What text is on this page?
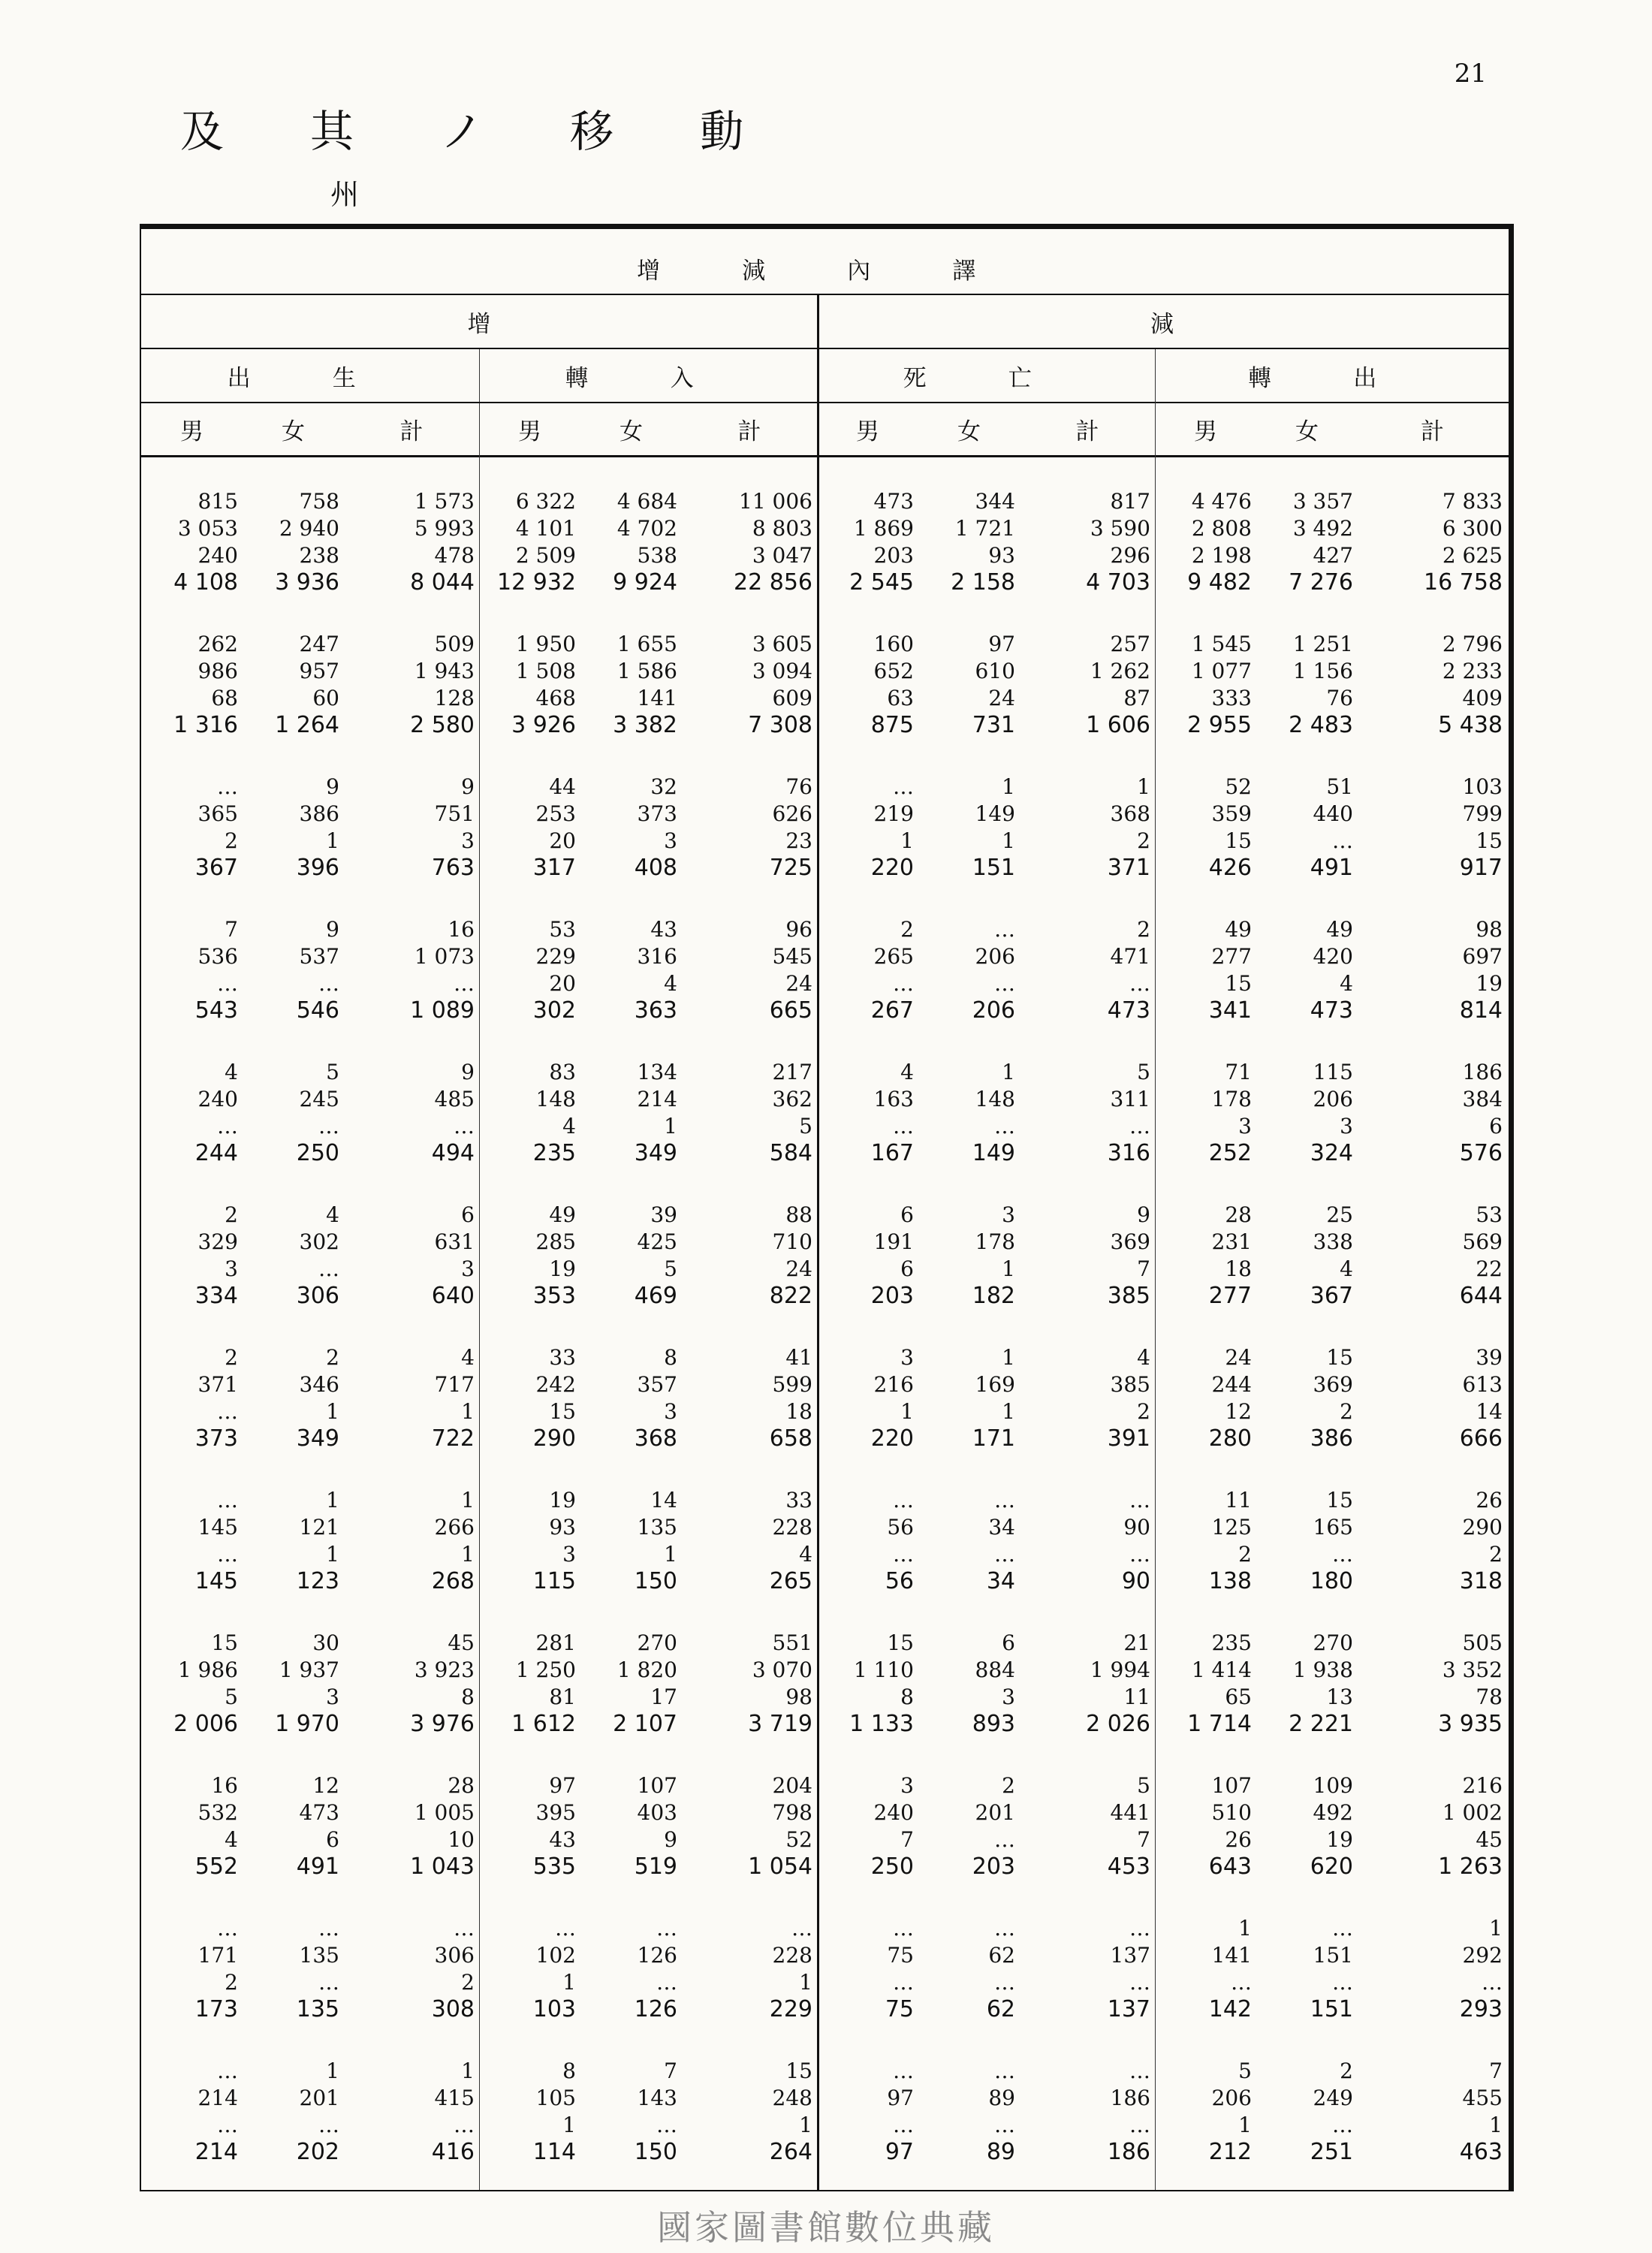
21
及 其 ノ 移 動
州
增 減 內 譯
增	減
出 生	轉 入	死 亡	轉 出
男	女	計	男	女	計	男	女	計	男	女	計
815	758	1 573	6 322	4 684	11 006	473	344	817	4 476	3 357	7 833
3 053	2 940	5 993	4 101	4 702	8 803	1 869	1 721	3 590	2 808	3 492	6 300
240	238	478	2 509	538	3 047	203	93	296	2 198	427	2 625
4 108	3 936	8 044	12 932	9 924	22 856	2 545	2 158	4 703	9 482	7 276	16 758
262	247	509	1 950	1 655	3 605	160	97	257	1 545	1 251	2 796
986	957	1 943	1 508	1 586	3 094	652	610	1 262	1 077	1 156	2 233
68	60	128	468	141	609	63	24	87	333	76	409
1 316	1 264	2 580	3 926	3 382	7 308	875	731	1 606	2 955	2 483	5 438
…	9	9	44	32	76	…	1	1	52	51	103
365	386	751	253	373	626	219	149	368	359	440	799
2	1	3	20	3	23	1	1	2	15	…	15
367	396	763	317	408	725	220	151	371	426	491	917
7	9	16	53	43	96	2	…	2	49	49	98
536	537	1 073	229	316	545	265	206	471	277	420	697
…	…	…	20	4	24	…	…	…	15	4	19
543	546	1 089	302	363	665	267	206	473	341	473	814
4	5	9	83	134	217	4	1	5	71	115	186
240	245	485	148	214	362	163	148	311	178	206	384
…	…	…	4	1	5	…	…	…	3	3	6
244	250	494	235	349	584	167	149	316	252	324	576
2	4	6	49	39	88	6	3	9	28	25	53
329	302	631	285	425	710	191	178	369	231	338	569
3	…	3	19	5	24	6	1	7	18	4	22
334	306	640	353	469	822	203	182	385	277	367	644
2	2	4	33	8	41	3	1	4	24	15	39
371	346	717	242	357	599	216	169	385	244	369	613
…	1	1	15	3	18	1	1	2	12	2	14
373	349	722	290	368	658	220	171	391	280	386	666
…	1	1	19	14	33	…	…	…	11	15	26
145	121	266	93	135	228	56	34	90	125	165	290
…	1	1	3	1	4	…	…	…	2	…	2
145	123	268	115	150	265	56	34	90	138	180	318
15	30	45	281	270	551	15	6	21	235	270	505
1 986	1 937	3 923	1 250	1 820	3 070	1 110	884	1 994	1 414	1 938	3 352
5	3	8	81	17	98	8	3	11	65	13	78
2 006	1 970	3 976	1 612	2 107	3 719	1 133	893	2 026	1 714	2 221	3 935
16	12	28	97	107	204	3	2	5	107	109	216
532	473	1 005	395	403	798	240	201	441	510	492	1 002
4	6	10	43	9	52	7	…	7	26	19	45
552	491	1 043	535	519	1 054	250	203	453	643	620	1 263
…	…	…	…	…	…	…	…	…	1	…	1
171	135	306	102	126	228	75	62	137	141	151	292
2	…	2	1	…	1	…	…	…	…	…	…
173	135	308	103	126	229	75	62	137	142	151	293
…	1	1	8	7	15	…	…	…	5	2	7
214	201	415	105	143	248	97	89	186	206	249	455
…	…	…	1	…	1	…	…	…	1	…	1
214	202	416	114	150	264	97	89	186	212	251	463
國家圖書館數位典藏
